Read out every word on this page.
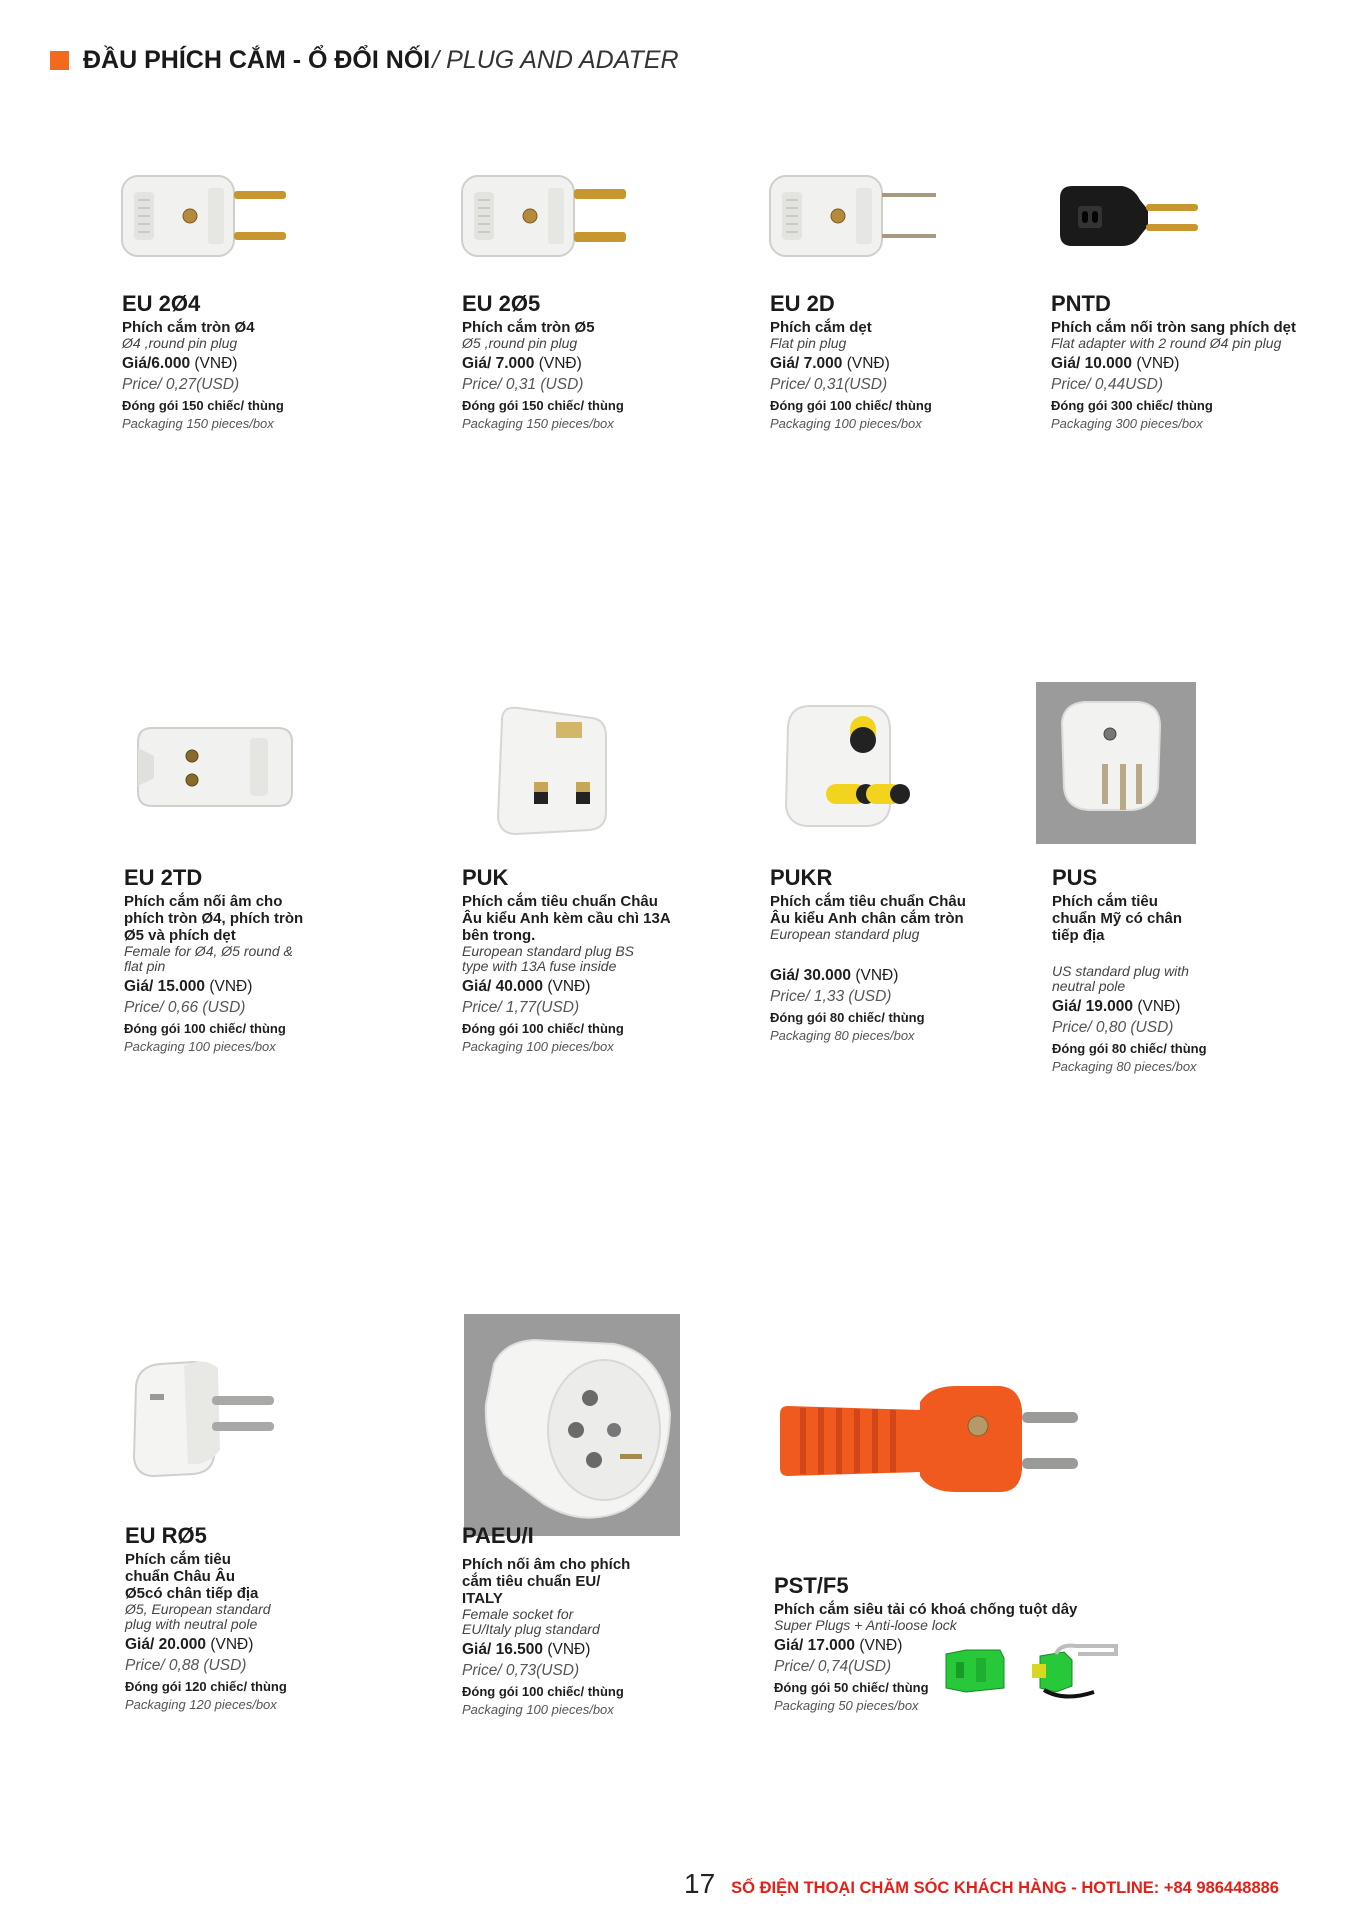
ĐẦU PHÍCH CẮM - Ổ ĐỔI NỐI / PLUG AND ADATER
EU 2Ø4
Phích cắm tròn Ø4
Ø4 ,round pin plug
Giá/6.000 (VNĐ)
Price/ 0,27(USD)
Đóng gói 150 chiếc/ thùng
Packaging 150 pieces/box
EU 2Ø5
Phích cắm tròn Ø5
Ø5 ,round pin plug
Giá/ 7.000 (VNĐ)
Price/ 0,31 (USD)
Đóng gói 150 chiếc/ thùng
Packaging 150 pieces/box
EU 2D
Phích cắm dẹt
Flat pin plug
Giá/ 7.000 (VNĐ)
Price/ 0,31(USD)
Đóng gói 100 chiếc/ thùng
Packaging 100 pieces/box
PNTD
Phích cắm nối tròn sang phích dẹt
Flat adapter with 2 round Ø4 pin plug
Giá/ 10.000 (VNĐ)
Price/ 0,44USD)
Đóng gói 300 chiếc/ thùng
Packaging 300 pieces/box
EU 2TD
Phích cắm nối âm cho phích tròn Ø4, phích tròn Ø5 và phích dẹt
Female for Ø4, Ø5 round & flat pin
Giá/ 15.000 (VNĐ)
Price/ 0,66 (USD)
Đóng gói 100 chiếc/ thùng
Packaging 100 pieces/box
PUK
Phích cắm tiêu chuẩn Châu Âu kiểu Anh kèm cầu chì 13A bên trong.
European standard plug BS type with 13A fuse inside
Giá/ 40.000 (VNĐ)
Price/ 1,77(USD)
Đóng gói 100 chiếc/ thùng
Packaging 100 pieces/box
PUKR
Phích cắm tiêu chuẩn Châu Âu kiểu Anh chân cắm tròn
European standard plug
Giá/ 30.000 (VNĐ)
Price/ 1,33 (USD)
Đóng gói 80 chiếc/ thùng
Packaging 80 pieces/box
PUS
Phích cắm tiêu chuẩn Mỹ có chân tiếp địa
US standard plug with neutral pole
Giá/ 19.000 (VNĐ)
Price/ 0,80 (USD)
Đóng gói 80 chiếc/ thùng
Packaging 80 pieces/box
EU RØ5
Phích cắm tiêu chuẩn Châu Âu Ø5có chân tiếp địa
Ø5, European standard plug with neutral pole
Giá/ 20.000 (VNĐ)
Price/ 0,88 (USD)
Đóng gói 120 chiếc/ thùng
Packaging 120 pieces/box
PAEU/I
Phích nối âm cho phích cắm tiêu chuẩn EU/ ITALY
Female socket for EU/Italy plug standard
Giá/ 16.500 (VNĐ)
Price/ 0,73(USD)
Đóng gói 100 chiếc/ thùng
Packaging 100 pieces/box
PST/F5
Phích cắm siêu tải có khoá chống tuột dây
Super Plugs + Anti-loose lock
Giá/ 17.000 (VNĐ)
Price/ 0,74(USD)
Đóng gói 50 chiếc/ thùng
Packaging 50 pieces/box
17 SỐ ĐIỆN THOẠI CHĂM SÓC KHÁCH HÀNG - HOTLINE: +84 986448886
